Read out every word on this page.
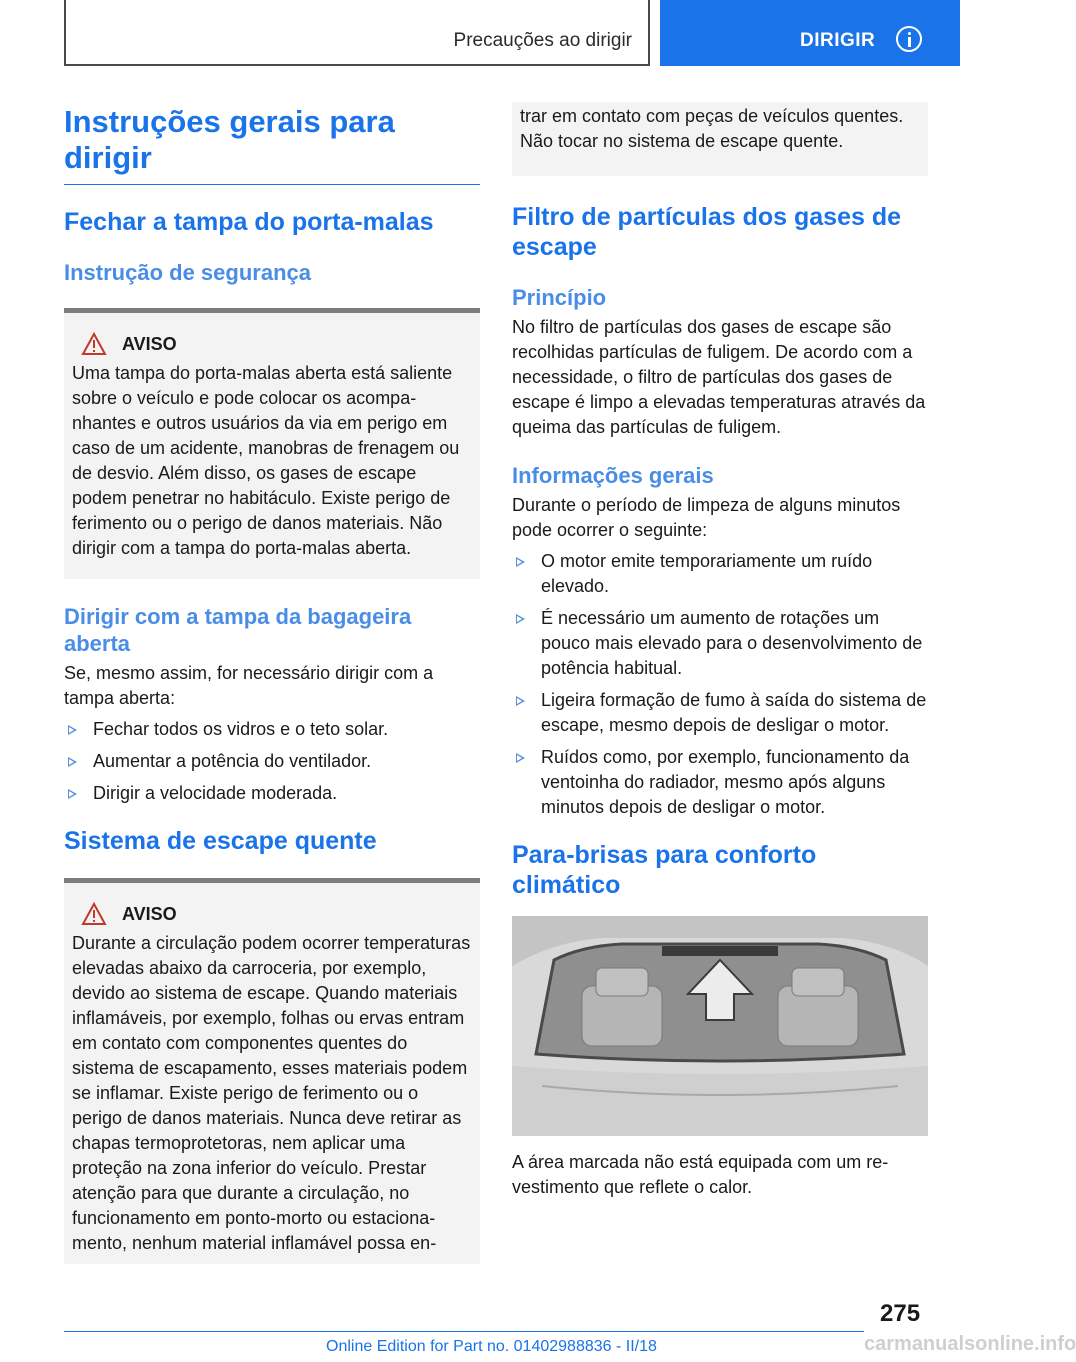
Precauções ao dirigir	DIRIGIR
Instruções gerais para dirigir
Fechar a tampa do porta-malas
Instrução de segurança
AVISO

Uma tampa do porta-malas aberta está saliente sobre o veículo e pode colocar os acompanhantes e outros usuários da via em perigo em caso de um acidente, manobras de frenagem ou de desvio. Além disso, os gases de escape podem penetrar no habitáculo. Existe perigo de ferimento ou o perigo de danos materiais. Não dirigir com a tampa do porta-malas aberta.

Dirigir com a tampa da bagageira aberta

Se, mesmo assim, for necessário dirigir com a tampa aberta:

Fechar todos os vidros e o teto solar.
Aumentar a potência do ventilador.
Dirigir a velocidade moderada.
Sistema de escape quente
AVISO

Durante a circulação podem ocorrer temperaturas elevadas abaixo da carroceria, por exemplo, devido ao sistema de escape. Quando materiais inflamáveis, por exemplo, folhas ou ervas entram em contato com componentes quentes do sistema de escapamento, esses materiais podem se inflamar. Existe perigo de ferimento ou o perigo de danos materiais. Nunca deve retirar as chapas termoprotetoras, nem aplicar uma proteção na zona inferior do veículo. Prestar atenção para que durante a circulação, no funcionamento em ponto-morto ou estacionamento, nenhum material inflamável possa en-

trar em contato com peças de veículos quentes. Não tocar no sistema de escape quente.

Filtro de partículas dos gases de escape
Princípio

No filtro de partículas dos gases de escape são recolhidas partículas de fuligem. De acordo com a necessidade, o filtro de partículas dos gases de escape é limpo a elevadas temperaturas através da queima das partículas de fuligem.

Informações gerais

Durante o período de limpeza de alguns minutos pode ocorrer o seguinte:

O motor emite temporariamente um ruído elevado.
É necessário um aumento de rotações um pouco mais elevado para o desenvolvimento de potência habitual.
Ligeira formação de fumo à saída do sistema de escape, mesmo depois de desligar o motor.
Ruídos como, por exemplo, funcionamento da ventoinha do radiador, mesmo após alguns minutos depois de desligar o motor.
Para-brisas para conforto climático

A área marcada não está equipada com um revestimento que reflete o calor.

275
Online Edition for Part no. 01402988836 - II/18	carmanualsonline.info
